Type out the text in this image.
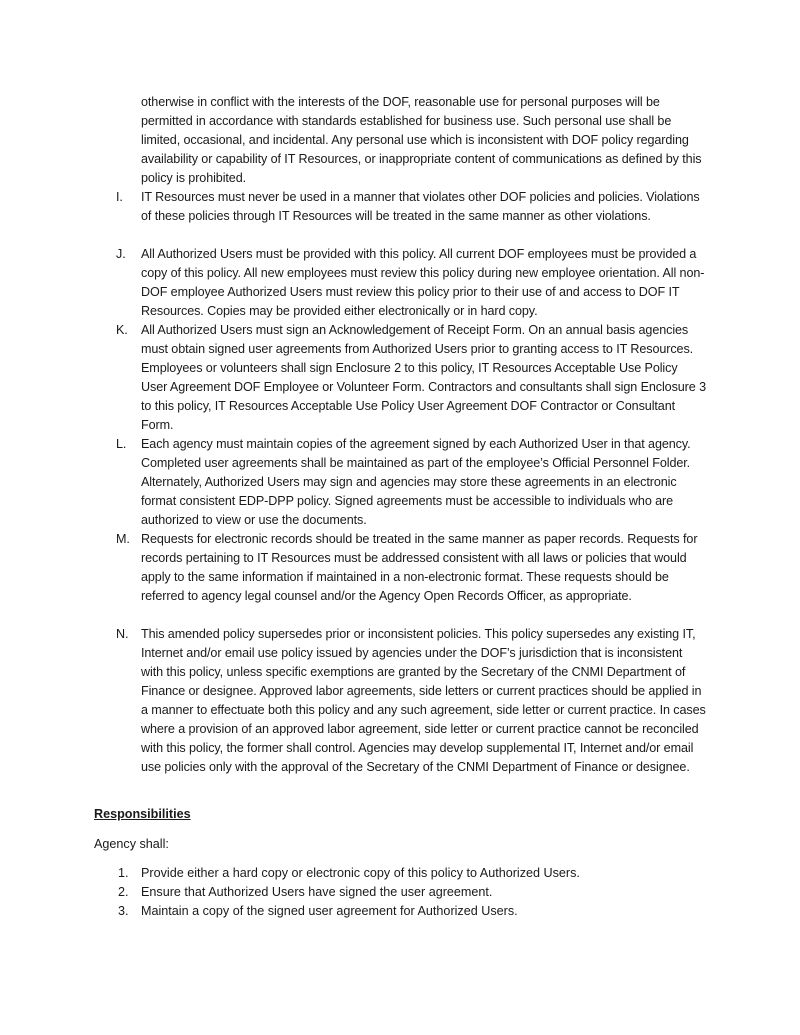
otherwise in conflict with the interests of the DOF, reasonable use for personal purposes will be permitted in accordance with standards established for business use. Such personal use shall be limited, occasional, and incidental. Any personal use which is inconsistent with DOF policy regarding availability or capability of IT Resources, or inappropriate content of communications as defined by this policy is prohibited.
I. IT Resources must never be used in a manner that violates other DOF policies and policies. Violations of these policies through IT Resources will be treated in the same manner as other violations.
J. All Authorized Users must be provided with this policy. All current DOF employees must be provided a copy of this policy. All new employees must review this policy during new employee orientation. All non-DOF employee Authorized Users must review this policy prior to their use of and access to DOF IT Resources. Copies may be provided either electronically or in hard copy.
K. All Authorized Users must sign an Acknowledgement of Receipt Form. On an annual basis agencies must obtain signed user agreements from Authorized Users prior to granting access to IT Resources. Employees or volunteers shall sign Enclosure 2 to this policy, IT Resources Acceptable Use Policy User Agreement DOF Employee or Volunteer Form. Contractors and consultants shall sign Enclosure 3 to this policy, IT Resources Acceptable Use Policy User Agreement DOF Contractor or Consultant Form.
L. Each agency must maintain copies of the agreement signed by each Authorized User in that agency. Completed user agreements shall be maintained as part of the employee’s Official Personnel Folder. Alternately, Authorized Users may sign and agencies may store these agreements in an electronic format consistent EDP-DPP policy. Signed agreements must be accessible to individuals who are authorized to view or use the documents.
M. Requests for electronic records should be treated in the same manner as paper records. Requests for records pertaining to IT Resources must be addressed consistent with all laws or policies that would apply to the same information if maintained in a non-electronic format. These requests should be referred to agency legal counsel and/or the Agency Open Records Officer, as appropriate.
N. This amended policy supersedes prior or inconsistent policies. This policy supersedes any existing IT, Internet and/or email use policy issued by agencies under the DOF’s jurisdiction that is inconsistent with this policy, unless specific exemptions are granted by the Secretary of the CNMI Department of Finance or designee. Approved labor agreements, side letters or current practices should be applied in a manner to effectuate both this policy and any such agreement, side letter or current practice. In cases where a provision of an approved labor agreement, side letter or current practice cannot be reconciled with this policy, the former shall control. Agencies may develop supplemental IT, Internet and/or email use policies only with the approval of the Secretary of the CNMI Department of Finance or designee.
Responsibilities
Agency shall:
1. Provide either a hard copy or electronic copy of this policy to Authorized Users.
2. Ensure that Authorized Users have signed the user agreement.
3. Maintain a copy of the signed user agreement for Authorized Users.
